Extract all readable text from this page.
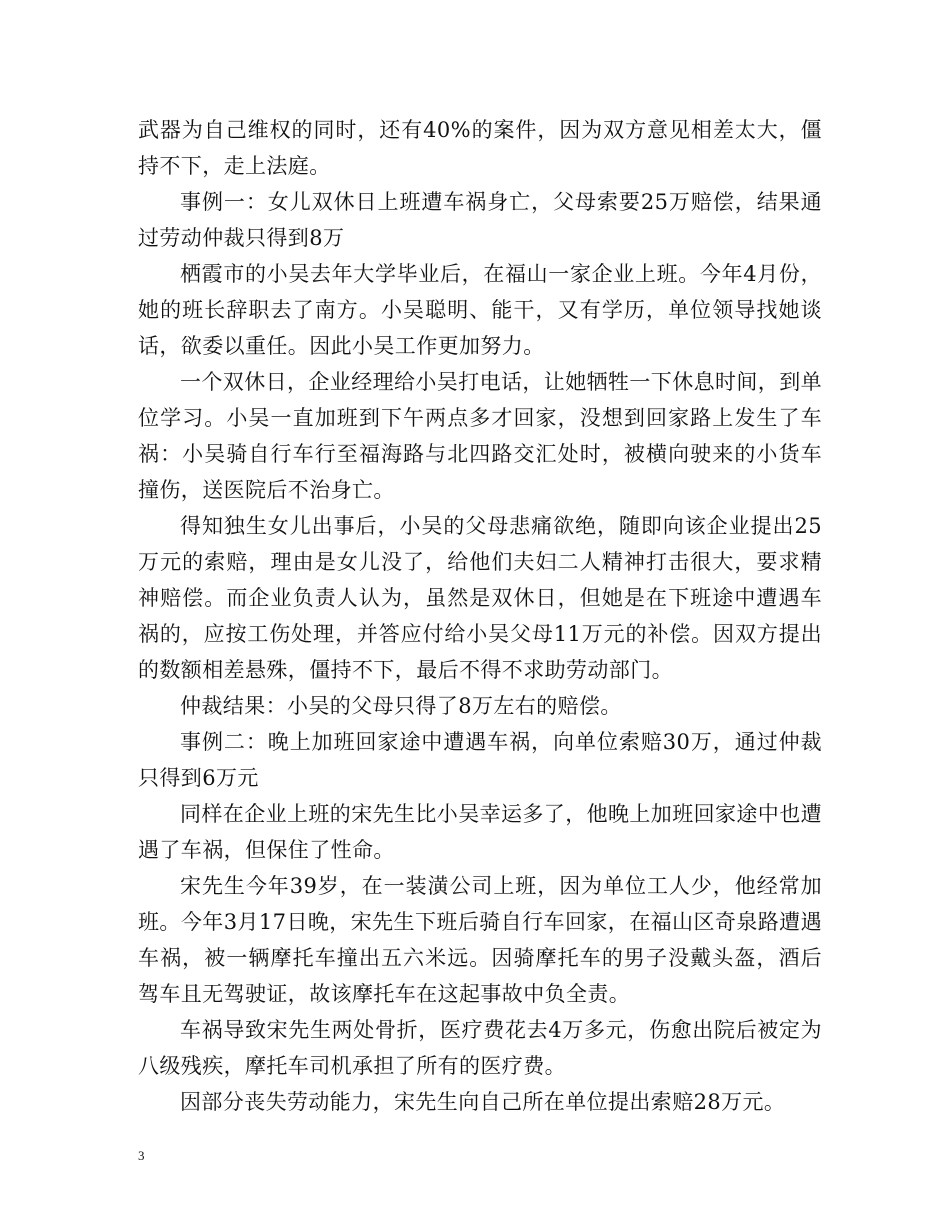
武器为自己维权的同时，还有40%的案件，因为双方意见相差太大，僵持不下，走上法庭。

事例一：女儿双休日上班遭车祸身亡，父母索要25万赔偿，结果通过劳动仲裁只得到8万

栖霞市的小吴去年大学毕业后，在福山一家企业上班。今年4月份，她的班长辞职去了南方。小吴聪明、能干，又有学历，单位领导找她谈话，欲委以重任。因此小吴工作更加努力。

一个双休日，企业经理给小吴打电话，让她牺牲一下休息时间，到单位学习。小吴一直加班到下午两点多才回家，没想到回家路上发生了车祸：小吴骑自行车行至福海路与北四路交汇处时，被横向驶来的小货车撞伤，送医院后不治身亡。

得知独生女儿出事后，小吴的父母悲痛欲绝，随即向该企业提出25万元的索赔，理由是女儿没了，给他们夫妇二人精神打击很大，要求精神赔偿。而企业负责人认为，虽然是双休日，但她是在下班途中遭遇车祸的，应按工伤处理，并答应付给小吴父母11万元的补偿。因双方提出的数额相差悬殊，僵持不下，最后不得不求助劳动部门。

仲裁结果：小吴的父母只得了8万左右的赔偿。

事例二：晚上加班回家途中遭遇车祸，向单位索赔30万，通过仲裁只得到6万元

同样在企业上班的宋先生比小吴幸运多了，他晚上加班回家途中也遭遇了车祸，但保住了性命。

宋先生今年39岁，在一装潢公司上班，因为单位工人少，他经常加班。今年3月17日晚，宋先生下班后骑自行车回家，在福山区奇泉路遭遇车祸，被一辆摩托车撞出五六米远。因骑摩托车的男子没戴头盔，酒后驾车且无驾驶证，故该摩托车在这起事故中负全责。

车祸导致宋先生两处骨折，医疗费花去4万多元，伤愈出院后被定为八级残疾，摩托车司机承担了所有的医疗费。

因部分丧失劳动能力，宋先生向自己所在单位提出索赔28万元。

3
